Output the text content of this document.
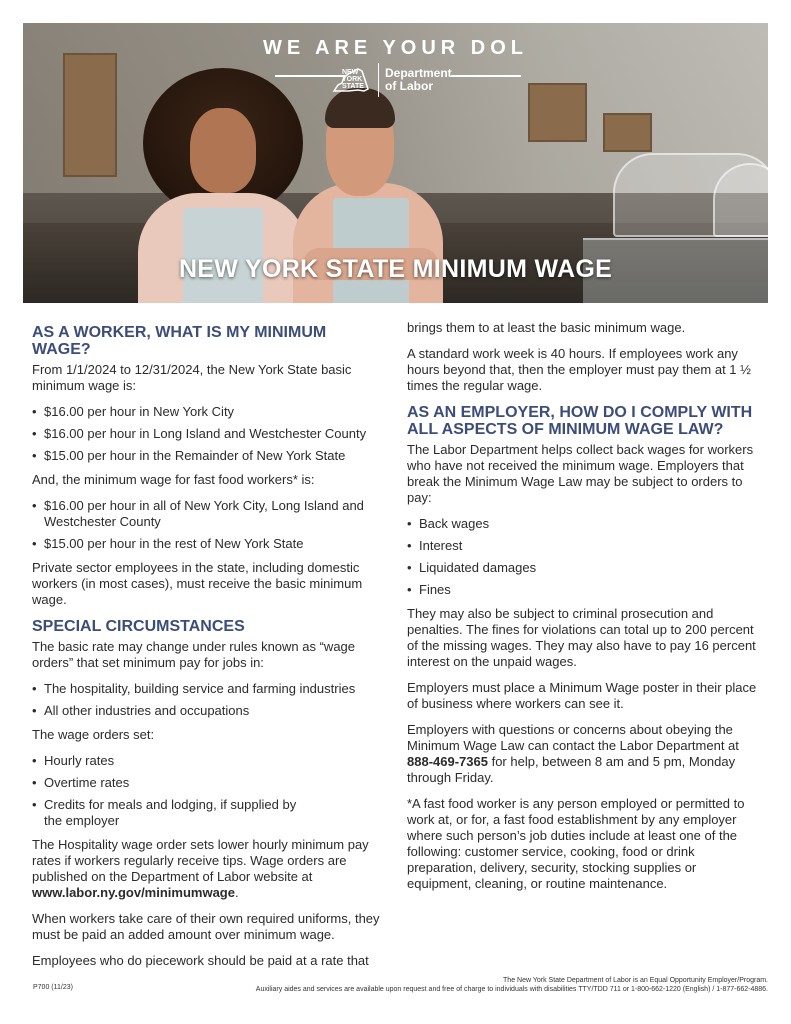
WE ARE YOUR DOL
NEW YORK STATE
Department
of Labor
NEW YORK STATE MINIMUM WAGE
AS A WORKER, WHAT IS MY MINIMUM WAGE?

From 1/1/2024 to 12/31/2024, the New York State basic minimum wage is:

• $16.00 per hour in New York City
• $16.00 per hour in Long Island and Westchester County
• $15.00 per hour in the Remainder of New York State

And, the minimum wage for fast food workers* is:

• $16.00 per hour in all of New York City, Long Island and Westchester County
• $15.00 per hour in the rest of New York State

Private sector employees in the state, including domestic workers (in most cases), must receive the basic minimum wage.

SPECIAL CIRCUMSTANCES

The basic rate may change under rules known as “wage orders” that set minimum pay for jobs in:

• The hospitality, building service and farming industries
• All other industries and occupations

The wage orders set:

• Hourly rates
• Overtime rates
• Credits for meals and lodging, if supplied by the employer

The Hospitality wage order sets lower hourly minimum pay rates if workers regularly receive tips. Wage orders are published on the Department of Labor website at www.labor.ny.gov/minimumwage.

When workers take care of their own required uniforms, they must be paid an added amount over minimum wage.

Employees who do piecework should be paid at a rate that

brings them to at least the basic minimum wage.

A standard work week is 40 hours. If employees work any hours beyond that, then the employer must pay them at 1 ½ times the regular wage.

AS AN EMPLOYER, HOW DO I COMPLY WITH ALL ASPECTS OF MINIMUM WAGE LAW?

The Labor Department helps collect back wages for workers who have not received the minimum wage. Employers that break the Minimum Wage Law may be subject to orders to pay:

• Back wages
• Interest
• Liquidated damages
• Fines

They may also be subject to criminal prosecution and penalties. The fines for violations can total up to 200 percent of the missing wages. They may also have to pay 16 percent interest on the unpaid wages.

Employers must place a Minimum Wage poster in their place of business where workers can see it.

Employers with questions or concerns about obeying the Minimum Wage Law can contact the Labor Department at 888-469-7365 for help, between 8 am and 5 pm, Monday through Friday.

*A fast food worker is any person employed or permitted to work at, or for, a fast food establishment by any employer where such person’s job duties include at least one of the following: customer service, cooking, food or drink preparation, delivery, security, stocking supplies or equipment, cleaning, or routine maintenance.

P700 (11/23)
The New York State Department of Labor is an Equal Opportunity Employer/Program.
Auxiliary aides and services are available upon request and free of charge to individuals with disabilities TTY/TDD 711 or 1-800-662-1220 (English) / 1-877-662-4886.
